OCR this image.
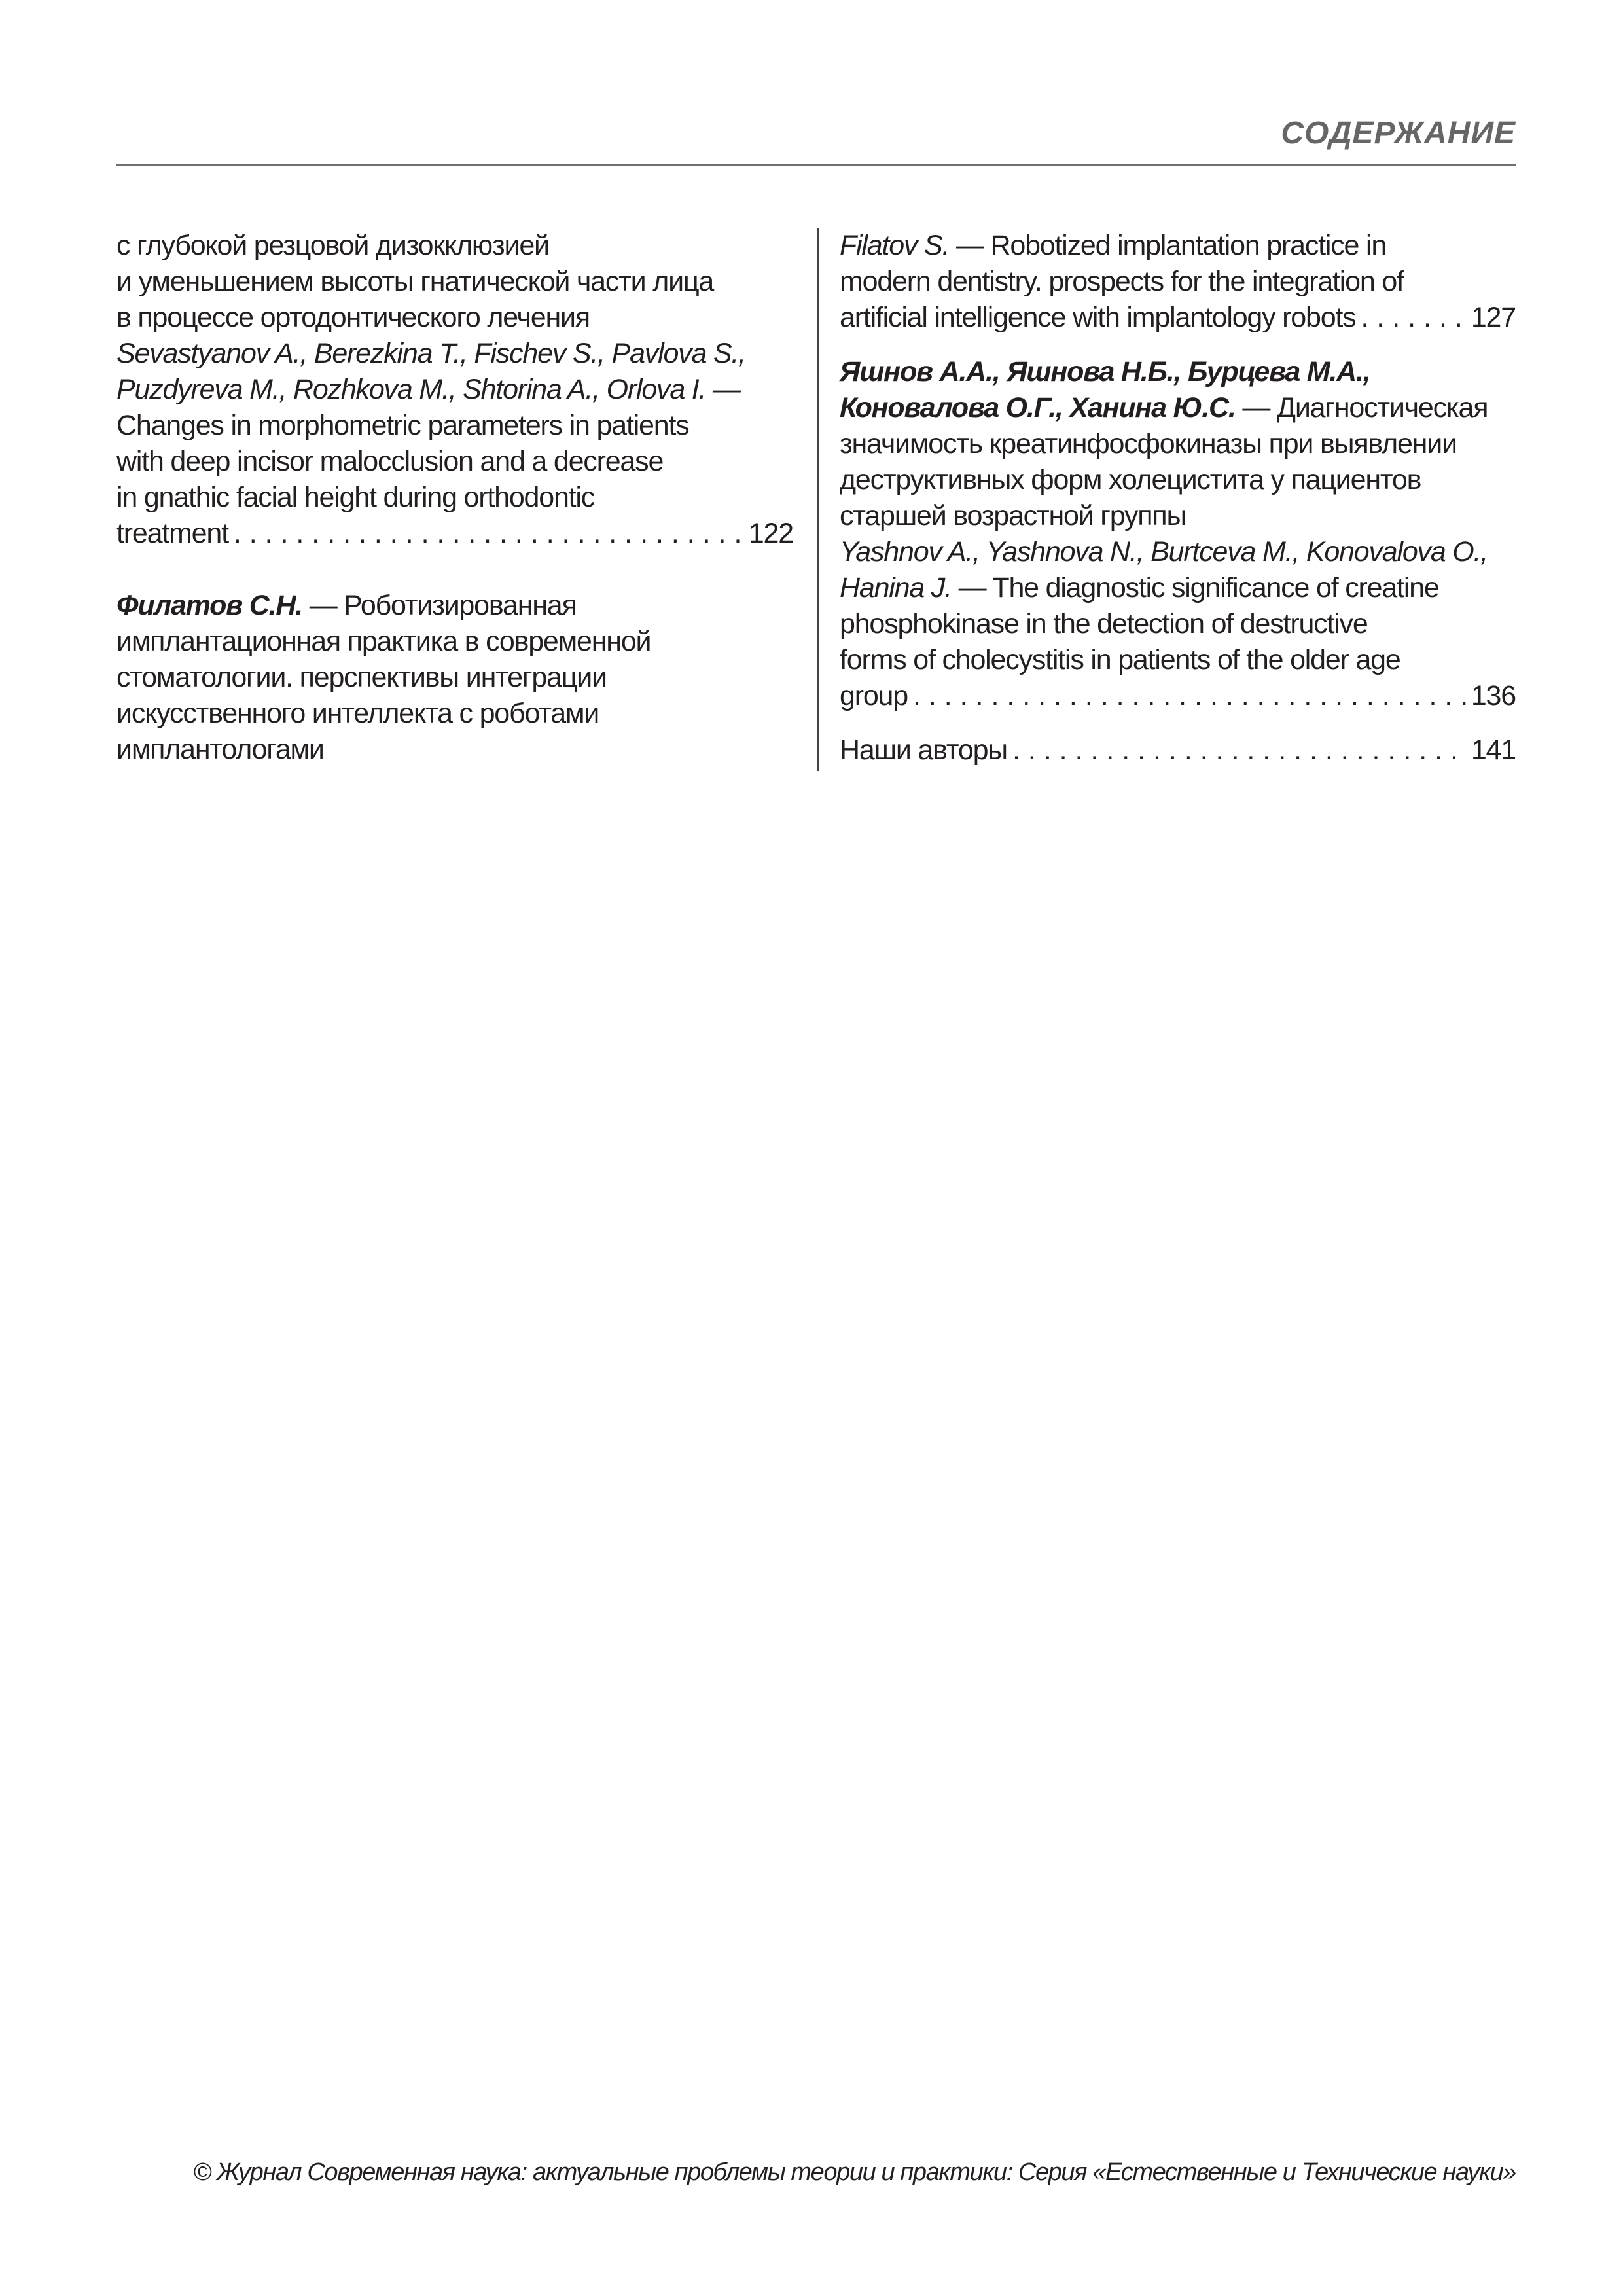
СОДЕРЖАНИЕ
с глубокой резцовой дизокклюзией
и уменьшением высоты гнатической части лица
в процессе ортодонтического лечения
Sevastyanov A., Berezkina T., Fischev S., Pavlova S.,
Puzdyreva M., Rozhkova M., Shtorina A., Orlova I. —
Changes in morphometric parameters in patients
with deep incisor malocclusion and a decrease
in gnathic facial height during orthodontic
treatment . . .	122
Филатов С.Н. — Роботизированная
имплантационная практика в современной
стоматологии. перспективы интеграции
искусственного интеллекта с роботами
имплантологами
Filatov S. — Robotized implantation practice in
modern dentistry. prospects for the integration of
artificial intelligence with implantology robots . . .	127
Яшнов А.А., Яшнова Н.Б., Бурцева М.А.,
Коновалова О.Г., Ханина Ю.С. — Диагностическая
значимость креатинфосфокиназы при выявлении
деструктивных форм холецистита у пациентов
старшей возрастной группы
Yashnov A., Yashnova N., Burtceva M., Konovalova O.,
Hanina J. — The diagnostic significance of creatine
phosphokinase in the detection of destructive
forms of cholecystitis in patients of the older age
group . . .	136
Наши авторы . . .	141
© Журнал Современная наука: актуальные проблемы теории и практики: Серия «Естественные и Технические науки»
